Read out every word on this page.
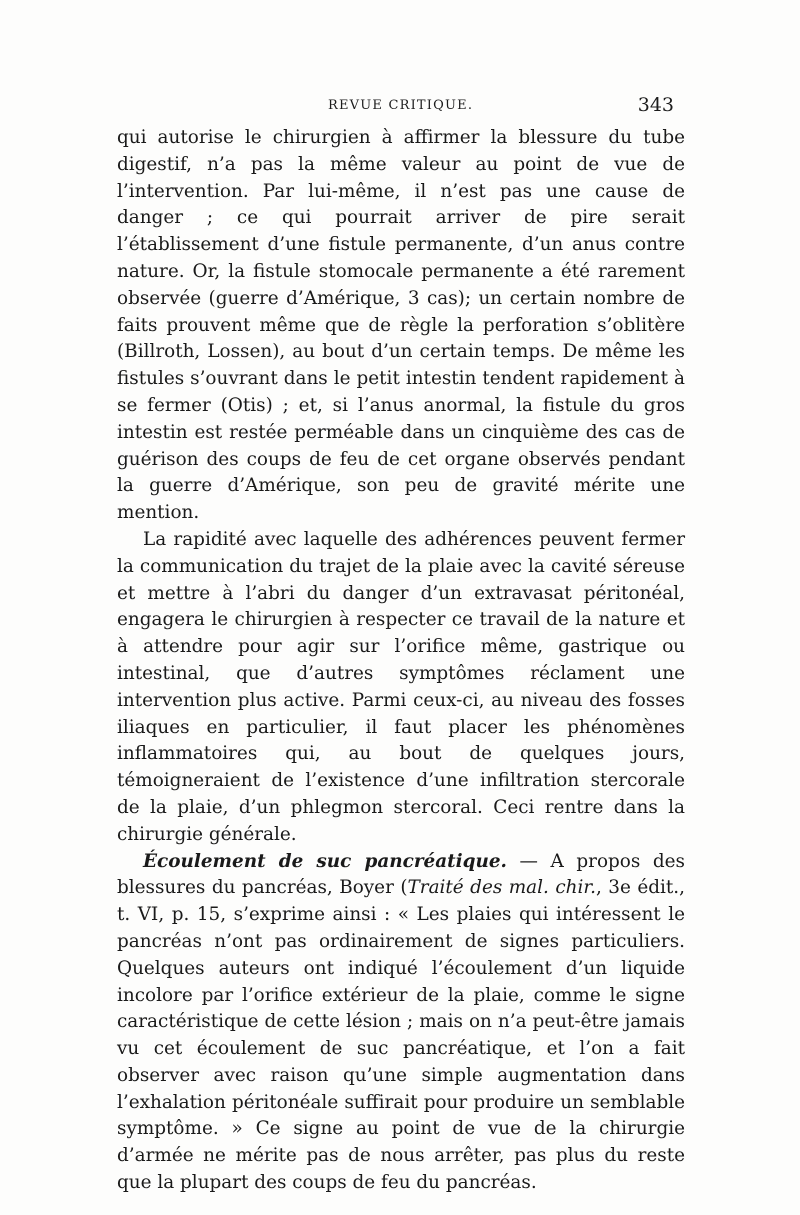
REVUE CRITIQUE.	343

qui autorise le chirurgien à affirmer la blessure du tube digestif, n’a pas la même valeur au point de vue de l’intervention. Par lui-même, il n’est pas une cause de danger ; ce qui pourrait arriver de pire serait l’établissement d’une fistule permanente, d’un anus contre nature. Or, la fistule stomocale permanente a été rarement observée (guerre d’Amérique, 3 cas); un certain nombre de faits prouvent même que de règle la perforation s’oblitère (Billroth, Lossen), au bout d’un certain temps. De même les fistules s’ouvrant dans le petit intestin tendent rapidement à se fermer (Otis) ; et, si l’anus anormal, la fistule du gros intestin est restée perméable dans un cinquième des cas de guérison des coups de feu de cet organe observés pendant la guerre d’Amérique, son peu de gravité mérite une mention.

La rapidité avec laquelle des adhérences peuvent fermer la communication du trajet de la plaie avec la cavité séreuse et mettre à l’abri du danger d’un extravasat péritonéal, engagera le chirurgien à respecter ce travail de la nature et à attendre pour agir sur l’orifice même, gastrique ou intestinal, que d’autres symptômes réclament une intervention plus active. Parmi ceux-ci, au niveau des fosses iliaques en particulier, il faut placer les phénomènes inflammatoires qui, au bout de quelques jours, témoigneraient de l’existence d’une infiltration stercorale de la plaie, d’un phlegmon stercoral. Ceci rentre dans la chirurgie générale.

Écoulement de suc pancréatique. — A propos des blessures du pancréas, Boyer (Traité des mal. chir., 3e édit., t. VI, p. 15, s’exprime ainsi : « Les plaies qui intéressent le pancréas n’ont pas ordinairement de signes particuliers. Quelques auteurs ont indiqué l’écoulement d’un liquide incolore par l’orifice extérieur de la plaie, comme le signe caractéristique de cette lésion ; mais on n’a peut-être jamais vu cet écoulement de suc pancréatique, et l’on a fait observer avec raison qu’une simple augmentation dans l’exhalation péritonéale suffirait pour produire un semblable symptôme. » Ce signe au point de vue de la chirurgie d’armée ne mérite pas de nous arrêter, pas plus du reste que la plupart des coups de feu du pancréas.
